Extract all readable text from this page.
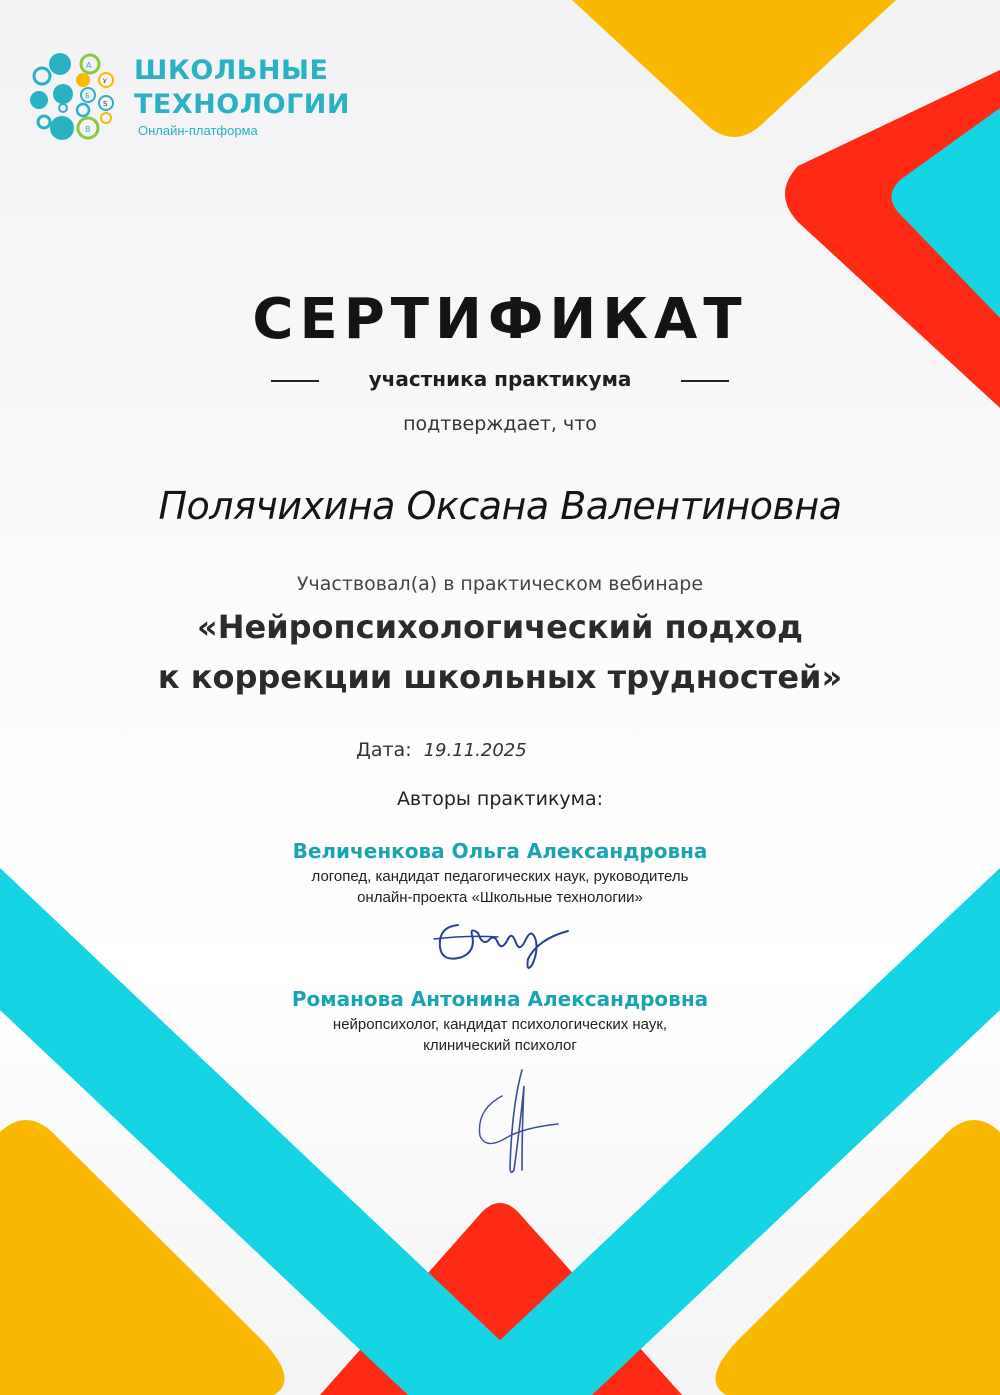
А
У
Б
S
В
ШКОЛЬНЫЕ
ТЕХНОЛОГИИ
Онлайн-платформа
СЕРТИФИКАТ
участника практикума
подтверждает, что
Полячихина Оксана Валентиновна
Участвовал(а) в практическом вебинаре
«Нейропсихологический подход
к коррекции школьных трудностей»
Дата: 19.11.2025
Авторы практикума:
Величенкова Ольга Александровна
логопед, кандидат педагогических наук, руководитель
онлайн-проекта «Школьные технологии»
Романова Антонина Александровна
нейропсихолог, кандидат психологических наук,
клинический психолог
